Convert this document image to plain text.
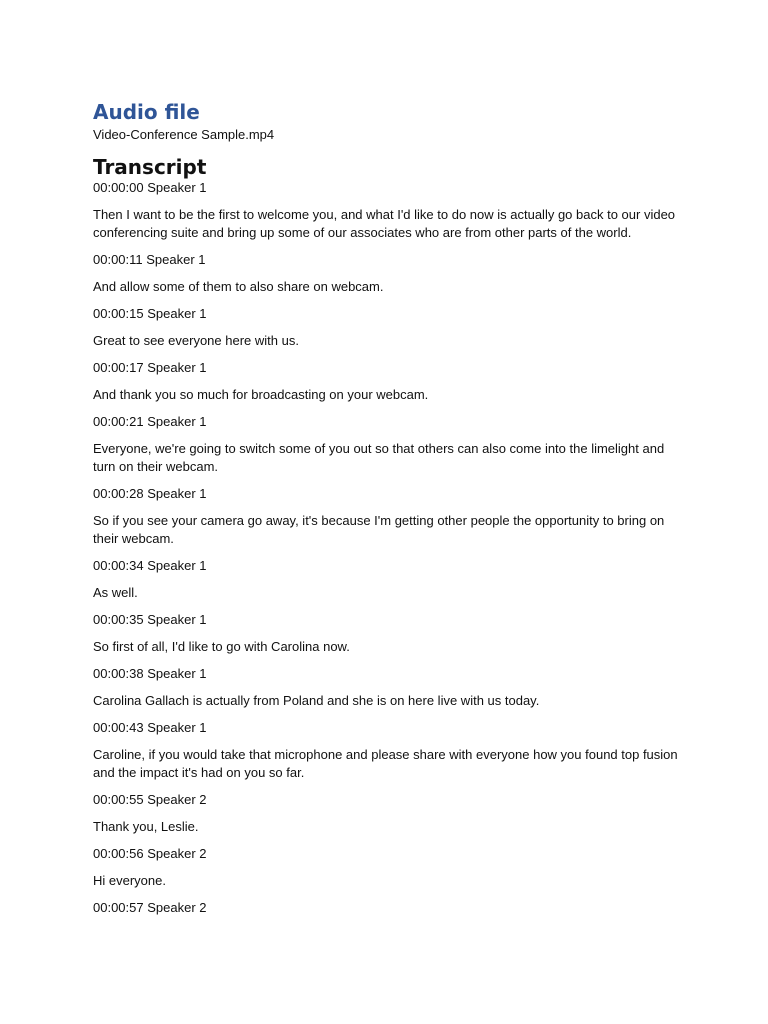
Audio file

Video-Conference Sample.mp4

Transcript

00:00:00 Speaker 1

Then I want to be the first to welcome you, and what I'd like to do now is actually go back to our video conferencing suite and bring up some of our associates who are from other parts of the world.

00:00:11 Speaker 1

And allow some of them to also share on webcam.

00:00:15 Speaker 1

Great to see everyone here with us.

00:00:17 Speaker 1

And thank you so much for broadcasting on your webcam.

00:00:21 Speaker 1

Everyone, we're going to switch some of you out so that others can also come into the limelight and turn on their webcam.

00:00:28 Speaker 1

So if you see your camera go away, it's because I'm getting other people the opportunity to bring on their webcam.

00:00:34 Speaker 1

As well.

00:00:35 Speaker 1

So first of all, I'd like to go with Carolina now.

00:00:38 Speaker 1

Carolina Gallach is actually from Poland and she is on here live with us today.

00:00:43 Speaker 1

Caroline, if you would take that microphone and please share with everyone how you found top fusion and the impact it's had on you so far.

00:00:55 Speaker 2

Thank you, Leslie.

00:00:56 Speaker 2

Hi everyone.

00:00:57 Speaker 2
